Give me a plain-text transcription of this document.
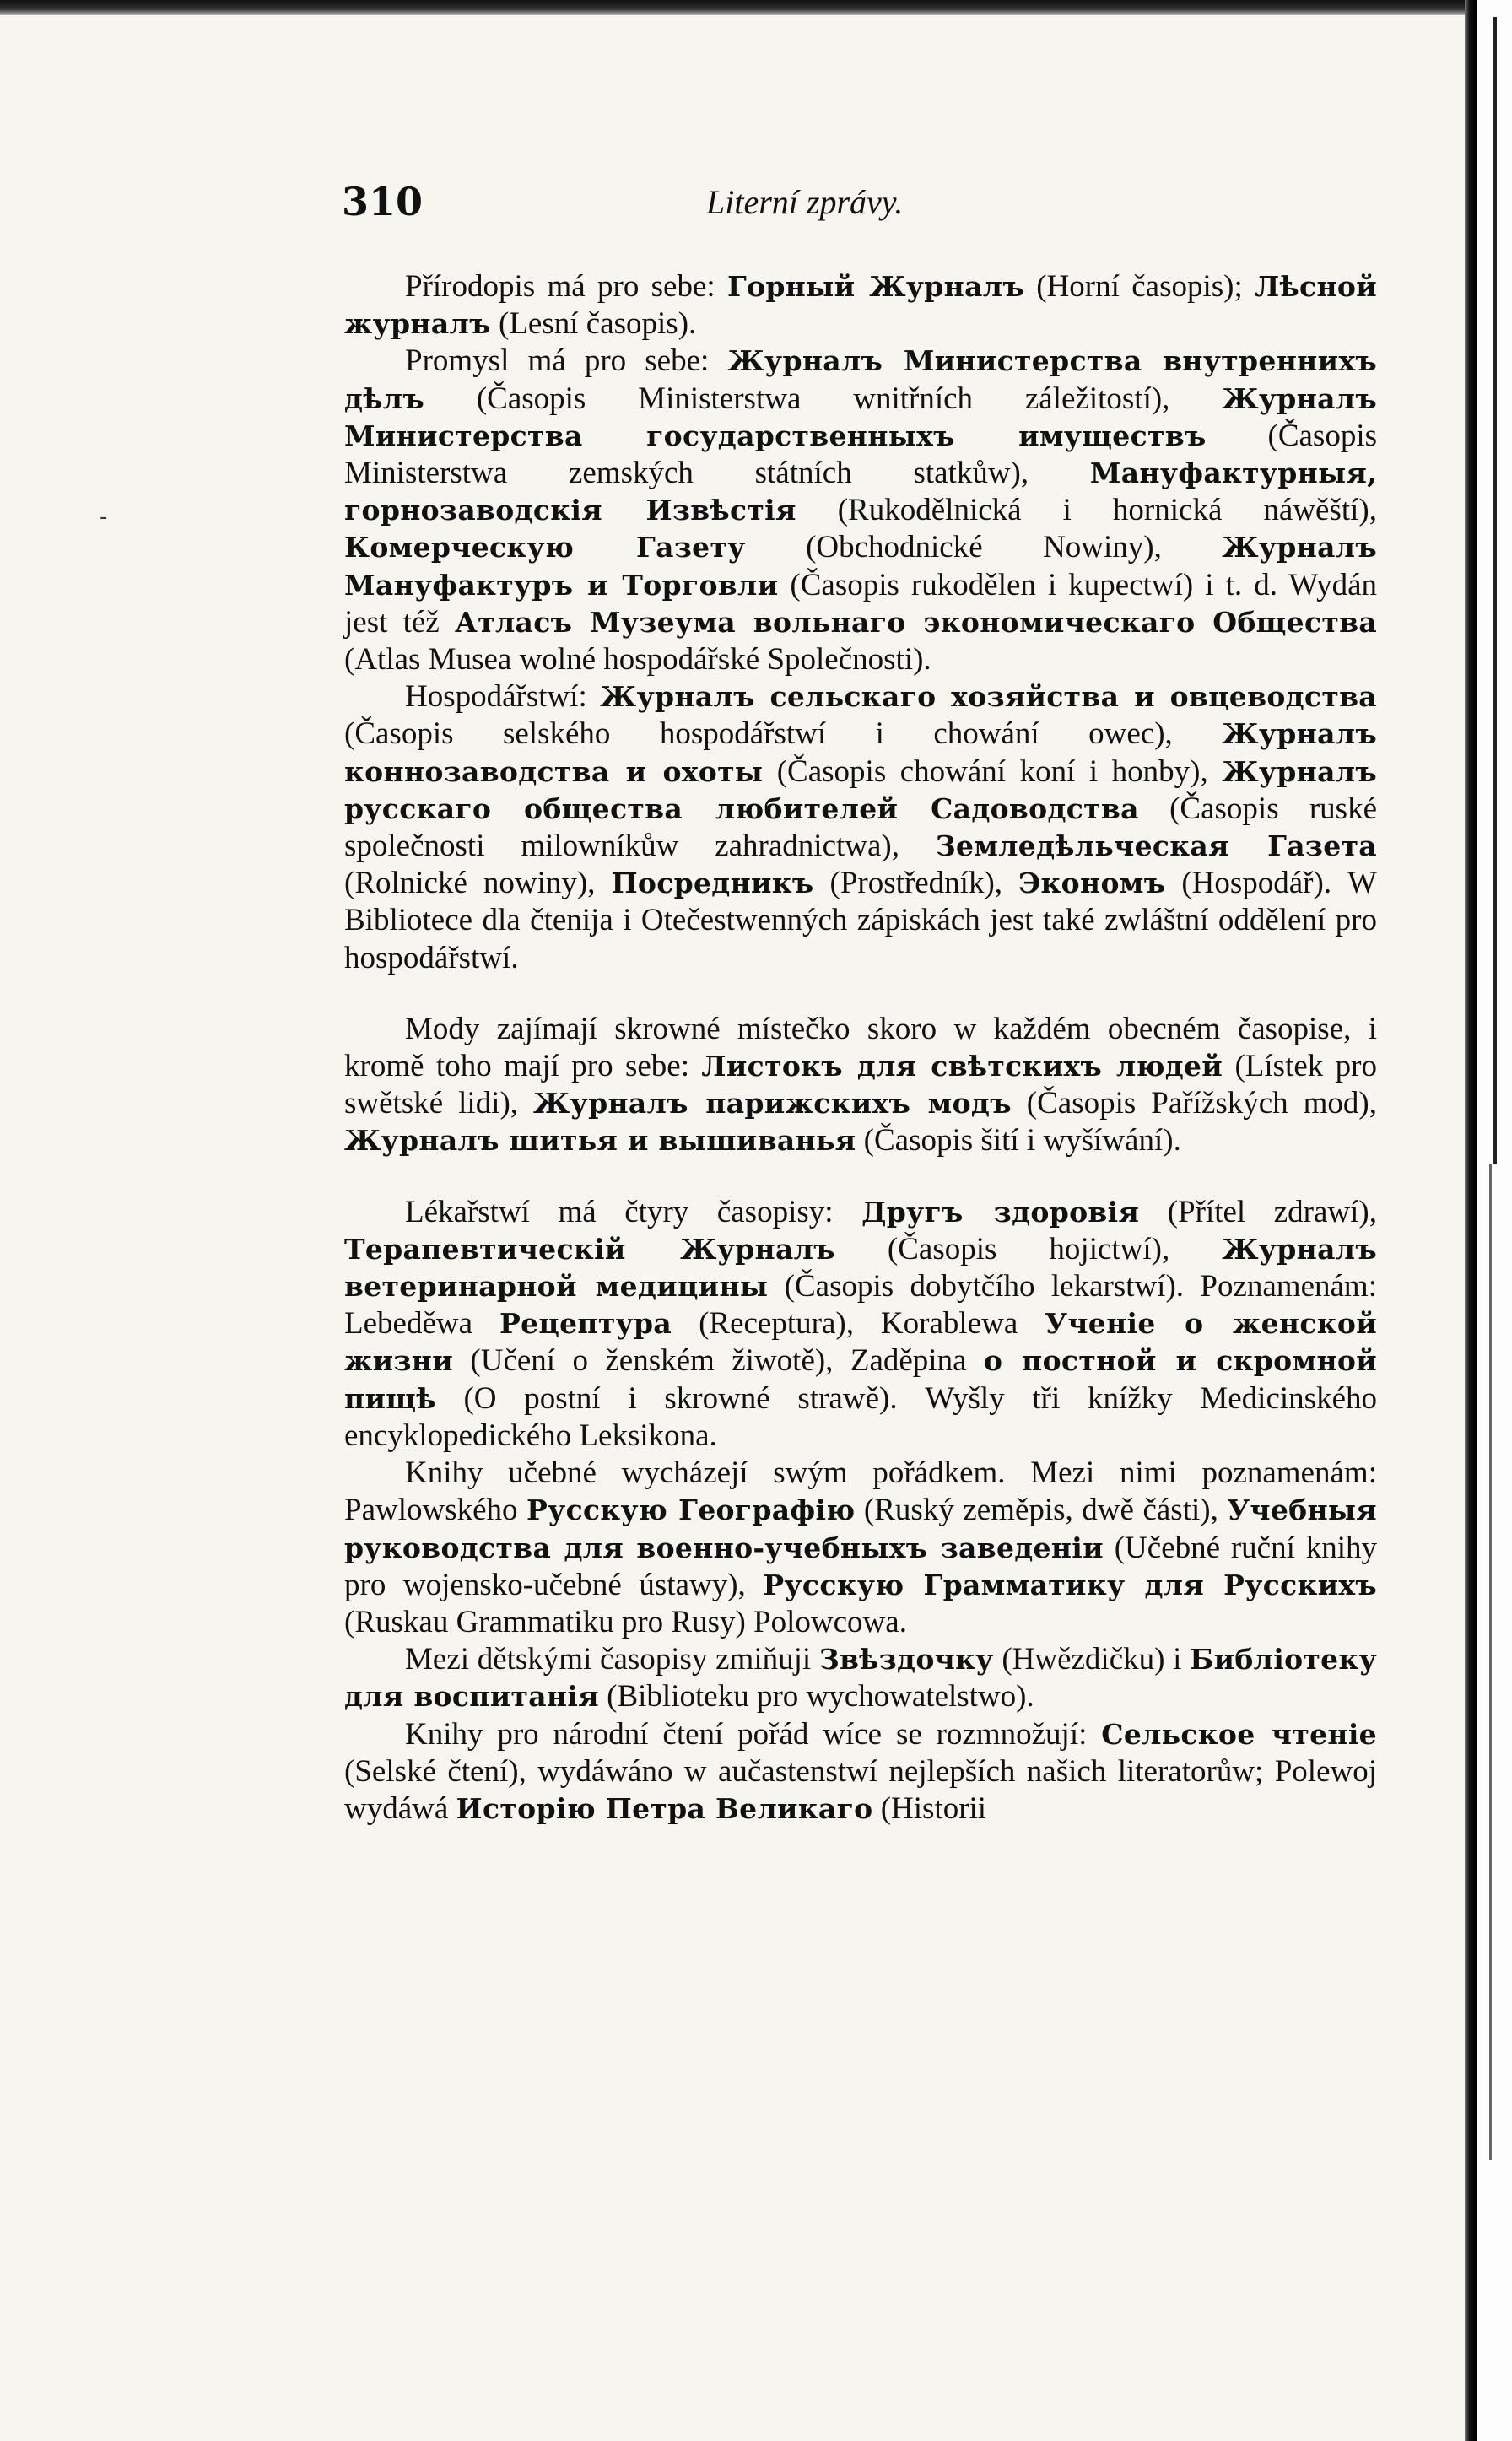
-
310	Literní zprávy.

Přírodopis má pro sebe: Горный Журналъ (Horní časopis); Лѣсной журналъ (Lesní časopis).

Promysl má pro sebe: Журналъ Министерства внутреннихъ дѣлъ (Časopis Ministerstwa wnitřních záležitostí), Журналъ Министерства государственныхъ имуществъ (Časopis Ministerstwa zemských státních statkůw), Мануфактурныя, горнозаводскія Извѣстія (Rukodělnická i hornická náwěští), Комерческую Газету (Obchodnické Nowiny), Журналъ Мануфактуръ и Торговли (Časopis rukodělen i kupectwí) i t. d. Wydán jest též Атласъ Музеума вольнаго экономическаго Общества (Atlas Musea wolné hospodářské Společnosti).

Hospodářstwí: Журналъ сельскаго хозяйства и овцеводства (Časopis selského hospodářstwí i chowání owec), Журналъ коннозаводства и охоты (Časopis chowání koní i honby), Журналъ русскаго общества любителей Садоводства (Časopis ruské společnosti milowníkůw zahradnictwa), Земледѣльческая Газета (Rolnické nowiny), Посредникъ (Prostředník), Экономъ (Hospodář). W Bibliotece dla čtenija i Otečestwenných zápiskách jest také zwláštní oddělení pro hospodářstwí.

Mody zajímají skrowné místečko skoro w každém obecném časopise, i kromě toho mají pro sebe: Листокъ для свѣтскихъ людей (Lístek pro swětské lidi), Журналъ парижскихъ модъ (Časopis Pařížských mod), Журналъ шитья и вышиванья (Časopis šití i wyšíwání).

Lékařstwí má čtyry časopisy: Другъ здоровія (Přítel zdrawí), Терапевтическій Журналъ (Časopis hojictwí), Журналъ ветеринарной медицины (Časopis dobytčího lekarstwí). Poznamenám: Lebeděwa Рецептура (Receptura), Korablewa Ученіе о женской жизни (Učení o ženském žiwotě), Zaděpina о постной и скромной пищѣ (O postní i skrowné strawě). Wyšly tři knížky Medicinského encyklopedického Leksikona.

Knihy učebné wycházejí swým pořádkem. Mezi nimi poznamenám: Pawlowského Русскую Географію (Ruský zeměpis, dwě části), Учебныя руководства для военно-учебныхъ заведеніи (Učebné ruční knihy pro wojensko-učebné ústawy), Русскую Грамматику для Русскихъ (Ruskau Grammatiku pro Rusy) Polowcowa.

Mezi dětskými časopisy zmiňuji Звѣздочку (Hwězdičku) i Библіотеку для воспитанія (Biblioteku pro wychowatelstwo).

Knihy pro národní čtení pořád wíce se rozmnožují: Сельское чтеніе (Selské čtení), wydáwáno w aučastenstwí nejlepších našich literatorůw; Polewoj wydáwá Исторію Петра Великаго (Historii
